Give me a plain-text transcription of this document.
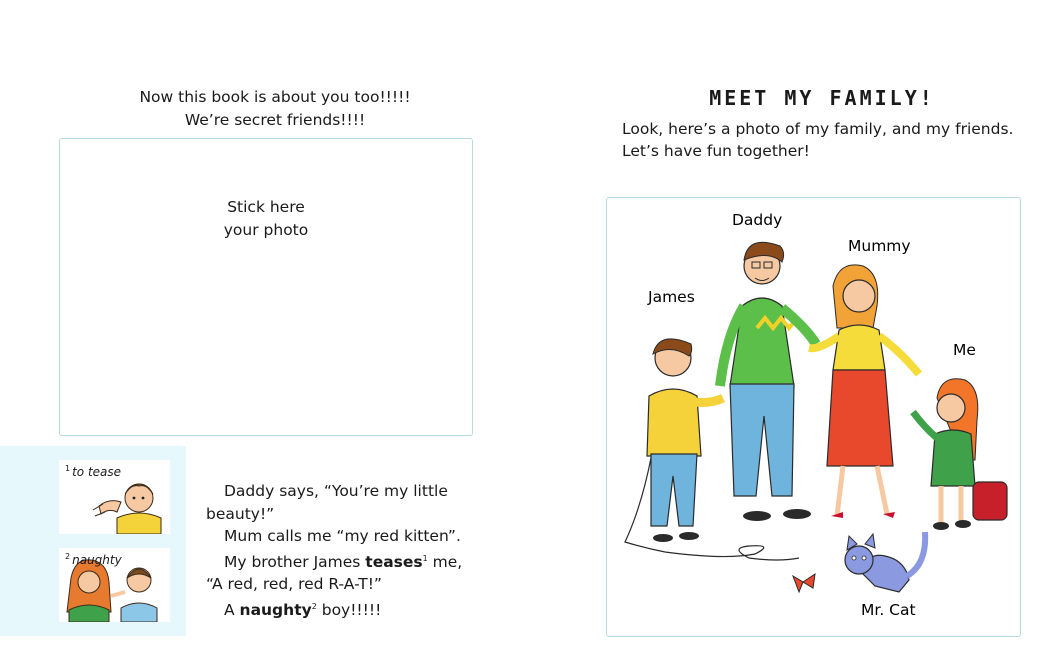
Now this book is about you too!!!!!
We’re secret friends!!!!
Stick here
your photo
$^1$ to tease
$^2$ naughty
Daddy says, “You’re my little
beauty!”
Mum calls me “my red kitten”.
My brother James teases$^1$ me,
“A red, red, red R-A-T!”
A naughty$^2$ boy!!!!!
MEET MY FAMILY!
Look, here’s a photo of my family, and my friends.
Let’s have fun together!
Daddy
Mummy
James
Me
Mr. Cat
